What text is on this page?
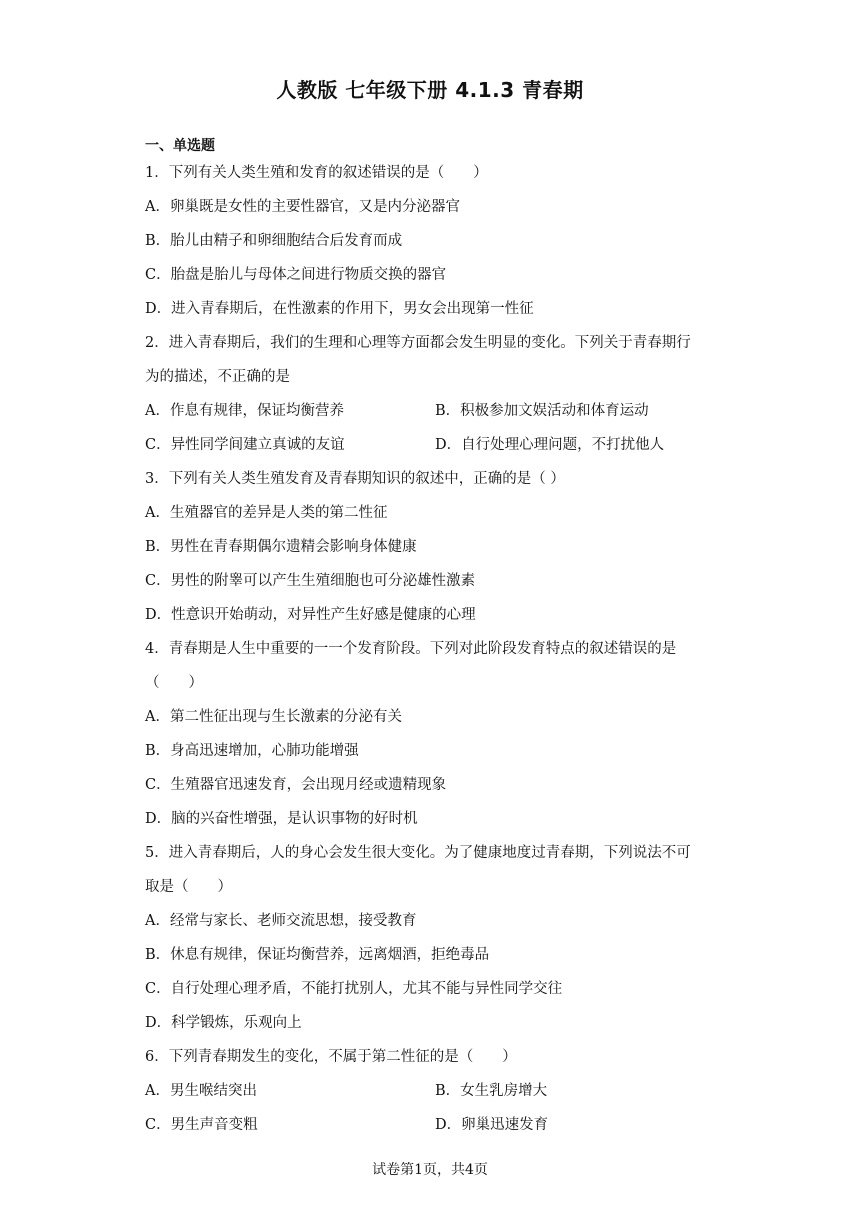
人教版 七年级下册 4.1.3 青春期
一、单选题
1．下列有关人类生殖和发育的叙述错误的是（　　）
A．卵巢既是女性的主要性器官，又是内分泌器官
B．胎儿由精子和卵细胞结合后发育而成
C．胎盘是胎儿与母体之间进行物质交换的器官
D．进入青春期后，在性激素的作用下，男女会出现第一性征
2．进入青春期后，我们的生理和心理等方面都会发生明显的变化。下列关于青春期行
为的描述，不正确的是
A．作息有规律，保证均衡营养	B．积极参加文娱活动和体育运动
C．异性同学间建立真诚的友谊	D．自行处理心理问题，不打扰他人
3．下列有关人类生殖发育及青春期知识的叙述中，正确的是（ ）
A．生殖器官的差异是人类的第二性征
B．男性在青春期偶尔遗精会影响身体健康
C．男性的附睾可以产生生殖细胞也可分泌雄性激素
D．性意识开始萌动，对异性产生好感是健康的心理
4．青春期是人生中重要的一一个发育阶段。下列对此阶段发育特点的叙述错误的是
（　　）
A．第二性征出现与生长激素的分泌有关
B．身高迅速增加，心肺功能增强
C．生殖器官迅速发育，会出现月经或遗精现象
D．脑的兴奋性增强，是认识事物的好时机
5．进入青春期后，人的身心会发生很大变化。为了健康地度过青春期，下列说法不可
取是（　　）
A．经常与家长、老师交流思想，接受教育
B．休息有规律，保证均衡营养，远离烟酒，拒绝毒品
C．自行处理心理矛盾，不能打扰别人，尤其不能与异性同学交往
D．科学锻炼，乐观向上
6．下列青春期发生的变化，不属于第二性征的是（　　）
A．男生喉结突出	B．女生乳房增大
C．男生声音变粗	D．卵巢迅速发育
试卷第1页，共4页
